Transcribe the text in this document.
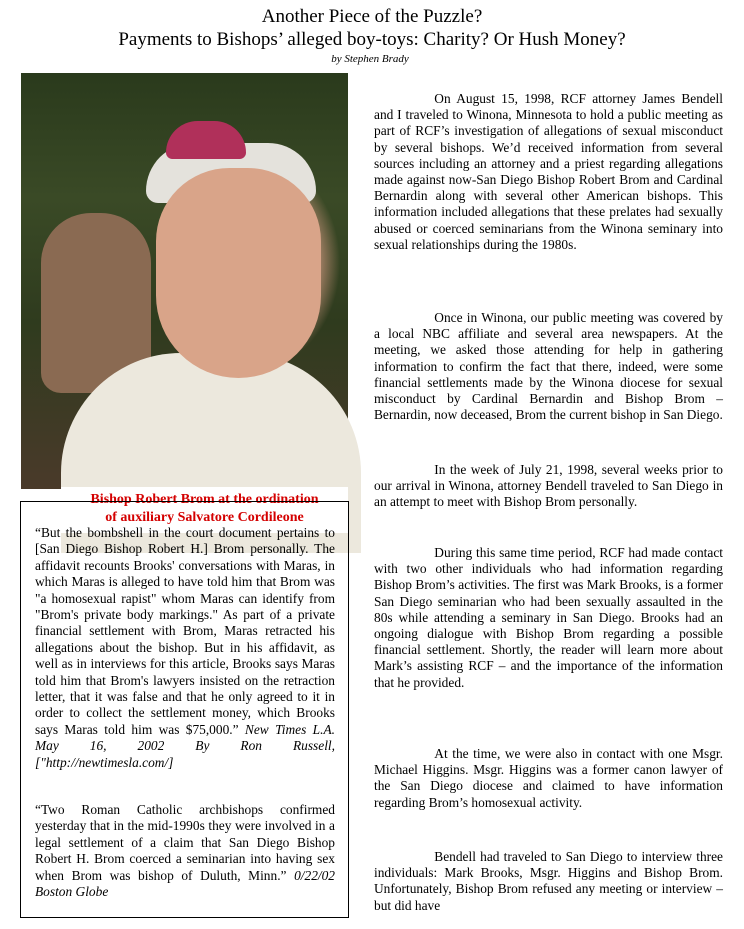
Another Piece of the Puzzle?
Payments to Bishops’ alleged boy-toys: Charity? Or Hush Money?
by Stephen Brady
Bishop Robert Brom at the ordination
of auxiliary Salvatore Cordileone

“But the bombshell in the court document pertains to [San Diego Bishop Robert H.] Brom personally. The affidavit recounts Brooks' conversations with Maras, in which Maras is alleged to have told him that Brom was "a homosexual rapist" whom Maras can identify from "Brom's private body markings." As part of a private financial settlement with Brom, Maras retracted his allegations about the bishop. But in his affidavit, as well as in interviews for this article, Brooks says Maras told him that Brom's lawyers insisted on the retraction letter, that it was false and that he only agreed to it in order to collect the settlement money, which Brooks says Maras told him was $75,000.” New Times L.A. May 16, 2002 By Ron Russell, ["http://newtimesla.com/]

“Two Roman Catholic archbishops confirmed yesterday that in the mid-1990s they were involved in a legal settlement of a claim that San Diego Bishop Robert H. Brom coerced a seminarian into having sex when Brom was bishop of Duluth, Minn.” 0/22/02 Boston Globe

On August 15, 1998, RCF attorney James Bendell and I traveled to Winona, Minnesota to hold a public meeting as part of RCF’s investigation of allegations of sexual misconduct by several bishops. We’d received information from several sources including an attorney and a priest regarding allegations made against now-San Diego Bishop Robert Brom and Cardinal Bernardin along with several other American bishops. This information included allegations that these prelates had sexually abused or coerced seminarians from the Winona seminary into sexual relationships during the 1980s.

Once in Winona, our public meeting was covered by a local NBC affiliate and several area newspapers. At the meeting, we asked those attending for help in gathering information to confirm the fact that there, indeed, were some financial settlements made by the Winona diocese for sexual misconduct by Cardinal Bernardin and Bishop Brom – Bernardin, now deceased, Brom the current bishop in San Diego.

In the week of July 21, 1998, several weeks prior to our arrival in Winona, attorney Bendell traveled to San Diego in an attempt to meet with Bishop Brom personally.

During this same time period, RCF had made contact with two other individuals who had information regarding Bishop Brom’s activities. The first was Mark Brooks, is a former San Diego seminarian who had been sexually assaulted in the 80s while attending a seminary in San Diego. Brooks had an ongoing dialogue with Bishop Brom regarding a possible financial settlement. Shortly, the reader will learn more about Mark’s assisting RCF – and the importance of the information that he provided.

At the time, we were also in contact with one Msgr. Michael Higgins. Msgr. Higgins was a former canon lawyer of the San Diego diocese and claimed to have information regarding Brom’s homosexual activity.

Bendell had traveled to San Diego to interview three individuals: Mark Brooks, Msgr. Higgins and Bishop Brom. Unfortunately, Bishop Brom refused any meeting or interview – but did have
